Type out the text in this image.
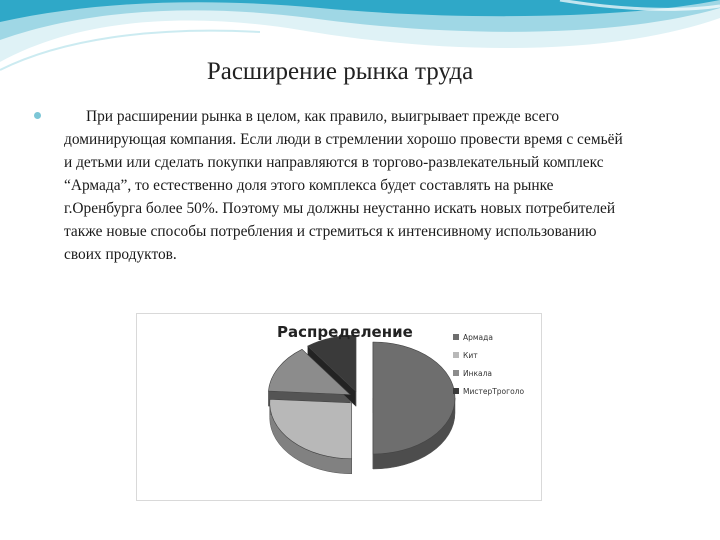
Расширение рынка труда

При расширении рынка в целом, как правило, выигрывает прежде всего доминирующая компания. Если люди в стремлении хорошо провести время с семьёй и детьми или сделать покупки направляются в торгово-развлекательный комплекс “Армада”, то естественно доля этого комплекса будет составлять на рынке г.Оренбурга более 50%. Поэтому мы должны неустанно искать новых потребителей также новые способы потребления и стремиться к интенсивному использованию своих продуктов.

Распределение	Армада
Кит
Инкала
МистерТроголо
